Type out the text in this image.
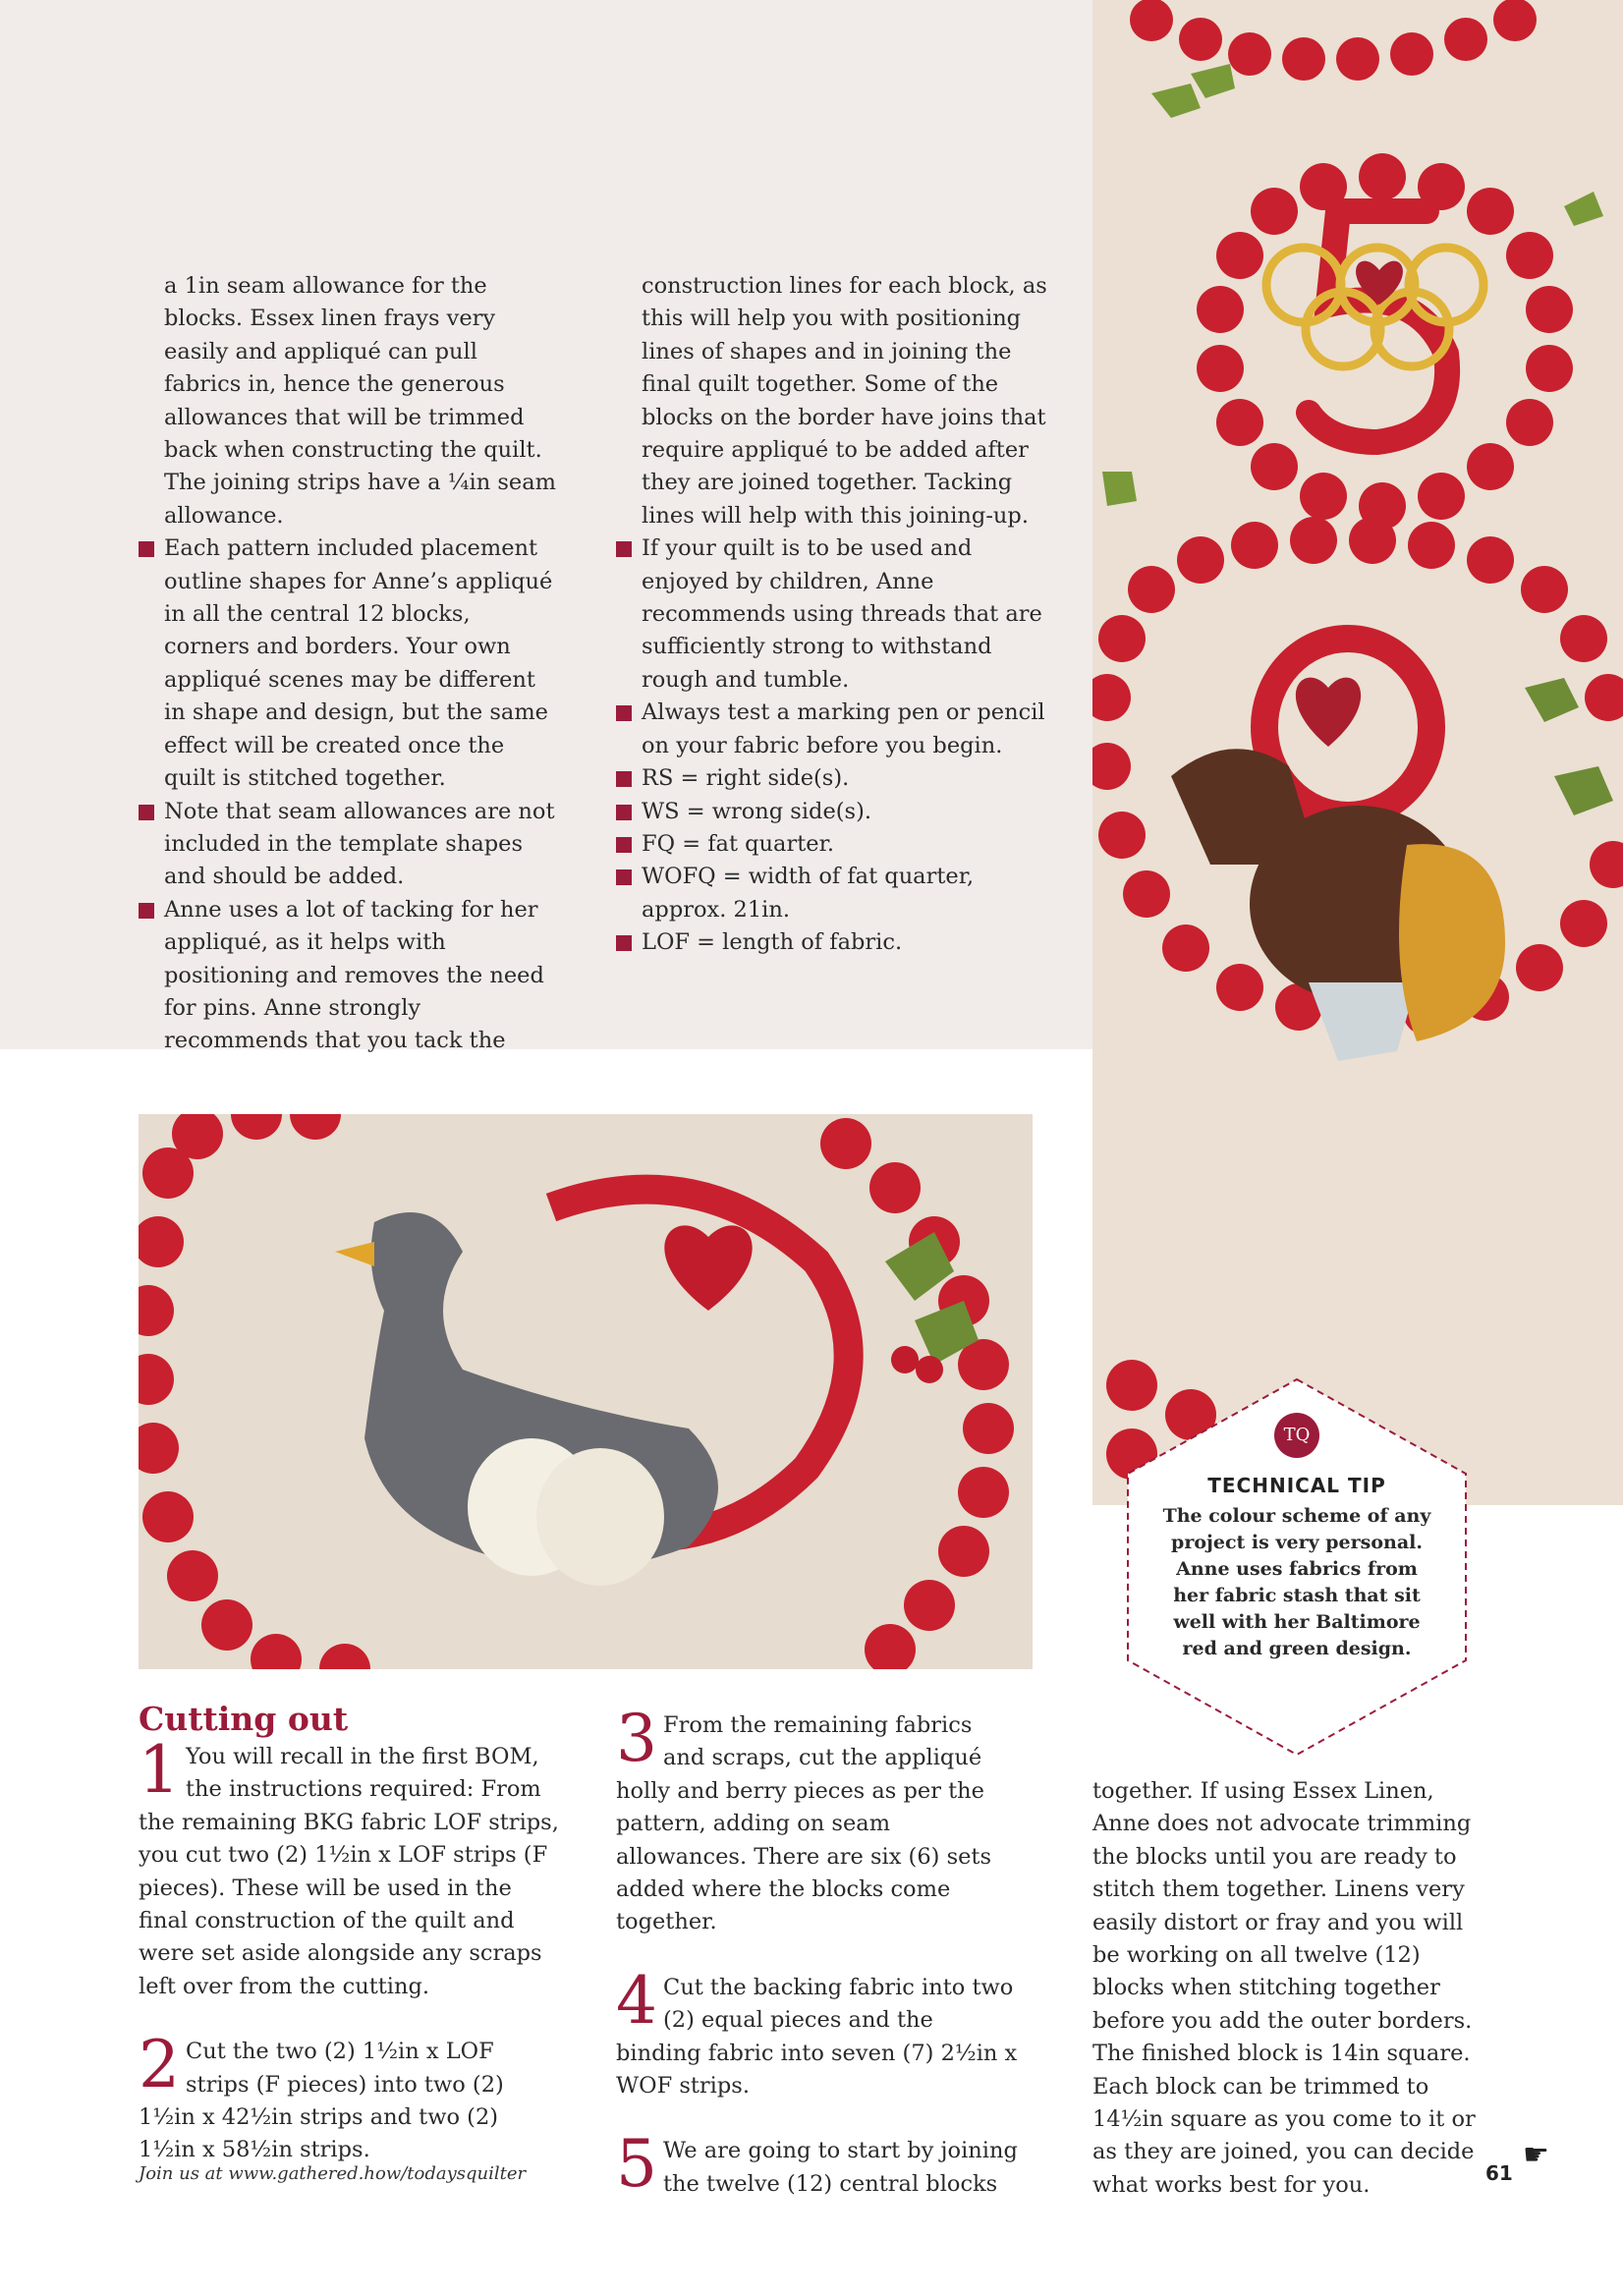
a 1in seam allowance for the blocks. Essex linen frays very easily and appliqué can pull fabrics in, hence the generous allowances that will be trimmed back when constructing the quilt. The joining strips have a ¼in seam allowance.

Each pattern included placement outline shapes for Anne’s appliqué in all the central 12 blocks, corners and borders. Your own appliqué scenes may be different in shape and design, but the same effect will be created once the quilt is stitched together.

Note that seam allowances are not included in the template shapes and should be added.

Anne uses a lot of tacking for her appliqué, as it helps with positioning and removes the need for pins. Anne strongly recommends that you tack the

construction lines for each block, as this will help you with positioning lines of shapes and in joining the final quilt together. Some of the blocks on the border have joins that require appliqué to be added after they are joined together. Tacking lines will help with this joining-up.

If your quilt is to be used and enjoyed by children, Anne recommends using threads that are sufficiently strong to withstand rough and tumble.

Always test a marking pen or pencil on your fabric before you begin.

RS = right side(s).

WS = wrong side(s).

FQ = fat quarter.

WOFQ = width of fat quarter, approx. 21in.

LOF = length of fabric.

Cutting out
1 You will recall in the first BOM, the instructions required: From the remaining BKG fabric LOF strips, you cut two (2) 1½in x LOF strips (F pieces). These will be used in the final construction of the quilt and were set aside alongside any scraps left over from the cutting.
2 Cut the two (2) 1½in x LOF strips (F pieces) into two (2) 1½in x 42½in strips and two (2) 1½in x 58½in strips.
3 From the remaining fabrics and scraps, cut the appliqué holly and berry pieces as per the pattern, adding on seam allowances. There are six (6) sets added where the blocks come together.
4 Cut the backing fabric into two (2) equal pieces and the binding fabric into seven (7) 2½in x WOF strips.
5 We are going to start by joining the twelve (12) central blocks

together. If using Essex Linen, Anne does not advocate trimming the blocks until you are ready to stitch them together. Linens very easily distort or fray and you will be working on all twelve (12) blocks when stitching together before you add the outer borders. The finished block is 14in square. Each block can be trimmed to 14½in square as you come to it or as they are joined, you can decide what works best for you.

TQ
TECHNICAL TIP
The colour scheme of any project is very personal. Anne uses fabrics from her fabric stash that sit well with her Baltimore red and green design.
Join us at www.gathered.how/todaysquilter	61
☛
